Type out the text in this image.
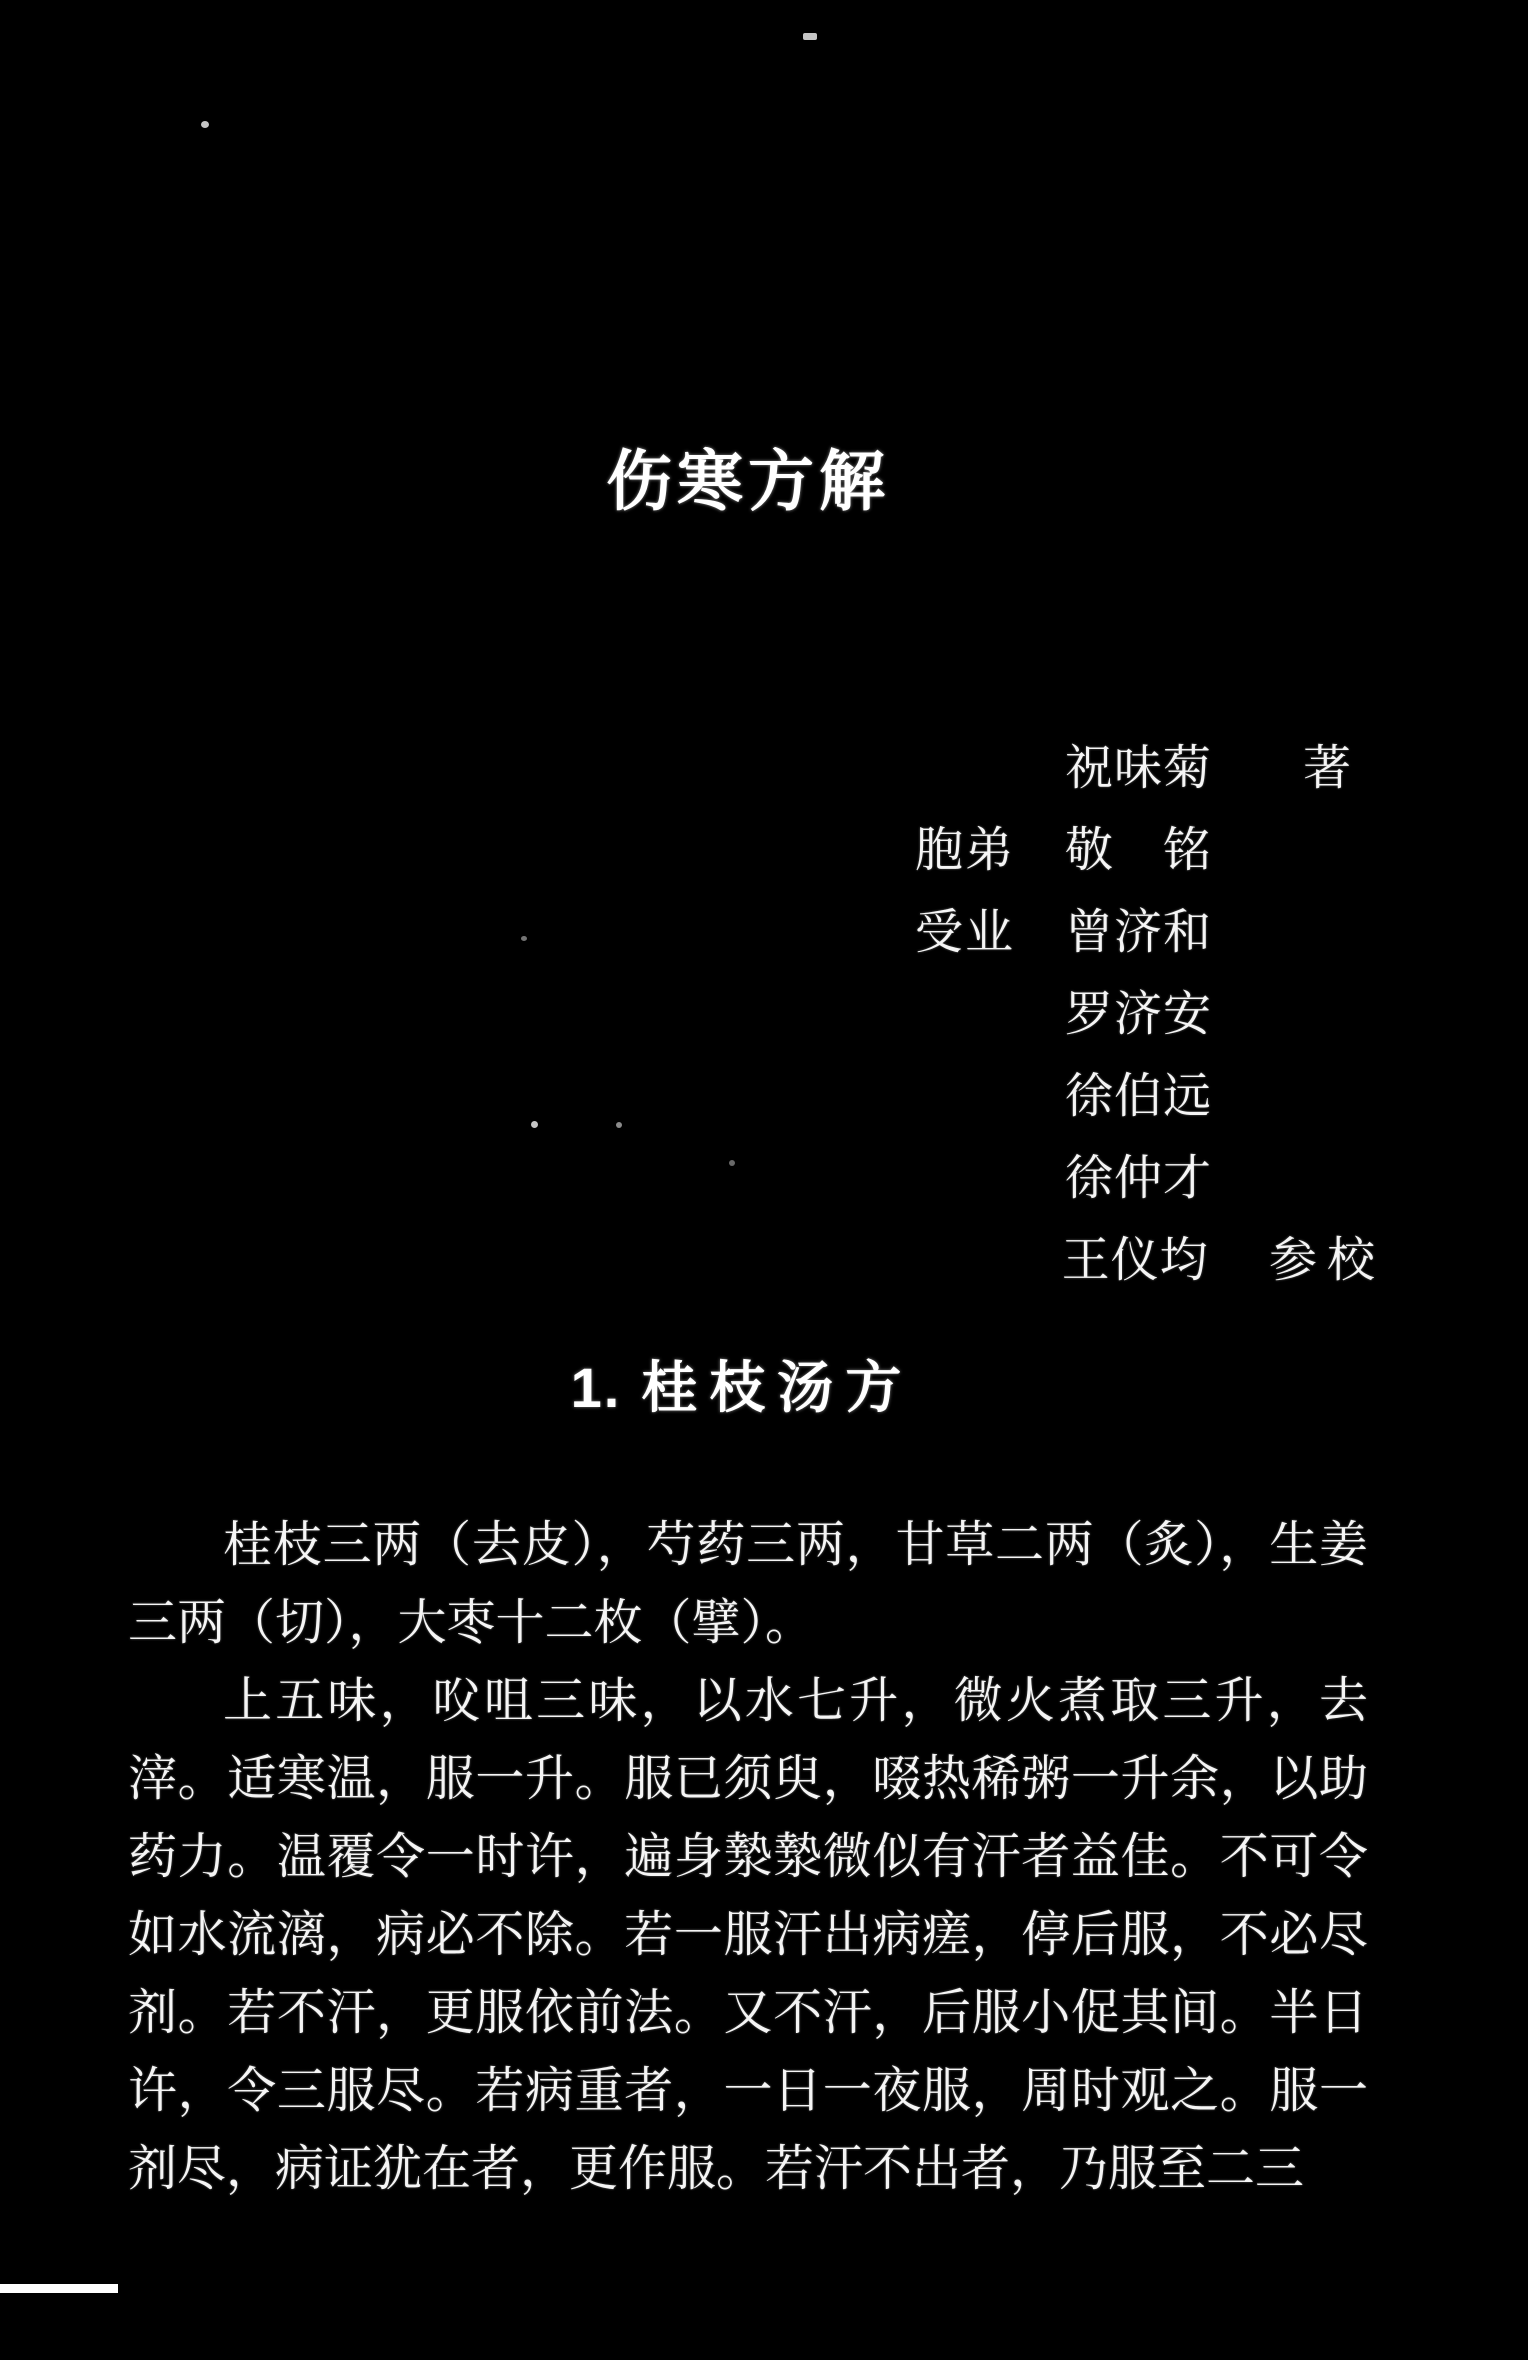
伤寒方解
祝味菊	著
胞弟	敬　铭
受业	曾济和
罗济安
徐伯远
徐仲才
王仪均	参校
1. 桂枝汤方
桂枝三两（去皮），芍药三两，甘草二两（炙），生姜
三两（切），大枣十二枚（擘）。
上五味，㕮咀三味，以水七升，微火煮取三升，去
滓。适寒温，服一升。服已须臾，啜热稀粥一升余，以助
药力。温覆令一时许，遍身漐漐微似有汗者益佳。不可令
如水流漓，病必不除。若一服汗出病瘥，停后服，不必尽
剂。若不汗，更服依前法。又不汗，后服小促其间。半日
许，令三服尽。若病重者，一日一夜服，周时观之。服一
剂尽，病证犹在者，更作服。若汗不出者，乃服至二三
